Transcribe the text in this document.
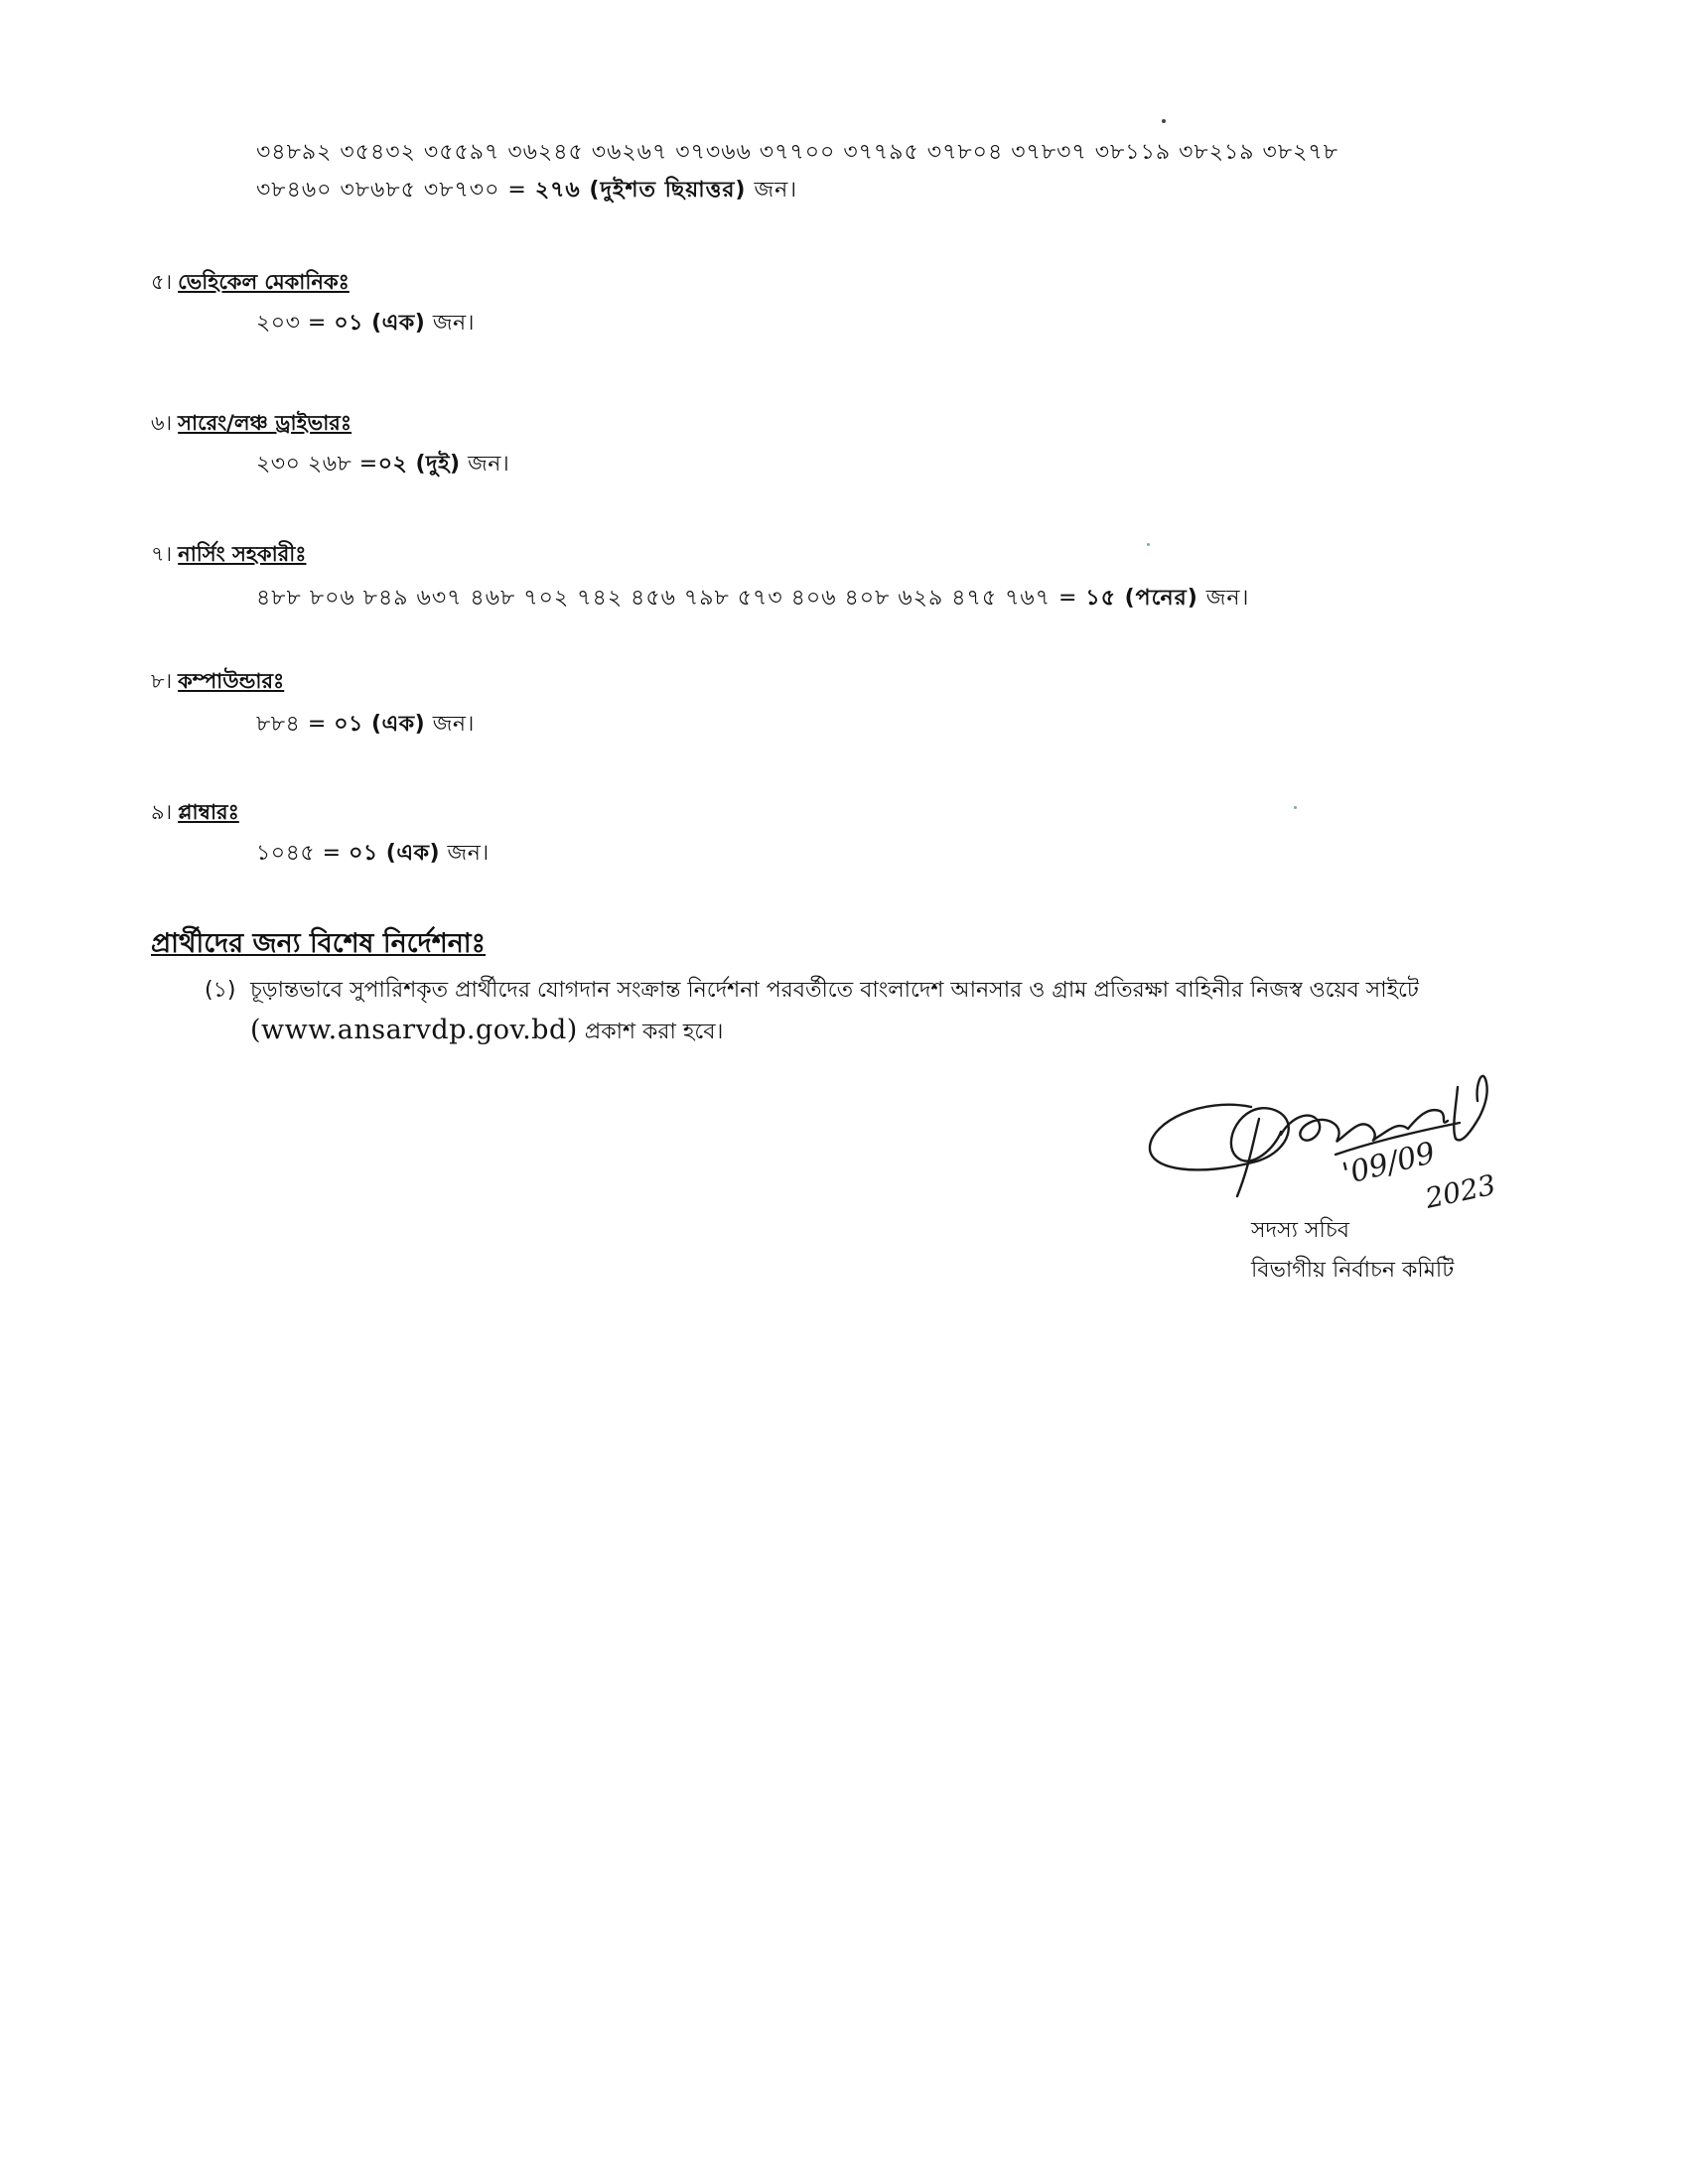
৩৪৮৯২ ৩৫৪৩২ ৩৫৫৯৭ ৩৬২৪৫ ৩৬২৬৭ ৩৭৩৬৬ ৩৭৭০০ ৩৭৭৯৫ ৩৭৮০৪ ৩৭৮৩৭ ৩৮১১৯ ৩৮২১৯ ৩৮২৭৮
৩৮৪৬০ ৩৮৬৮৫ ৩৮৭৩০ = ২৭৬ (দুইশত ছিয়াত্তর) জন।
৫। ভেহিকেল মেকানিকঃ
২০৩ = ০১ (এক) জন।
৬। সারেং/লঞ্চ ড্রাইভারঃ
২৩০ ২৬৮ =০২ (দুই) জন।
৭। নার্সিং সহকারীঃ
৪৮৮ ৮০৬ ৮৪৯ ৬৩৭ ৪৬৮ ৭০২ ৭৪২ ৪৫৬ ৭৯৮ ৫৭৩ ৪০৬ ৪০৮ ৬২৯ ৪৭৫ ৭৬৭ = ১৫ (পনের) জন।
৮। কম্পাউন্ডারঃ
৮৮৪ = ০১ (এক) জন।
৯। প্লাম্বারঃ
১০৪৫ = ০১ (এক) জন।
প্রার্থীদের জন্য বিশেষ নির্দেশনাঃ
(১) চূড়ান্তভাবে সুপারিশকৃত প্রার্থীদের যোগদান সংক্রান্ত নির্দেশনা পরবর্তীতে বাংলাদেশ আনসার ও গ্রাম প্রতিরক্ষা বাহিনীর নিজস্ব ওয়েব সাইটে (www.ansarvdp.gov.bd) প্রকাশ করা হবে।
'09/09
2023
সদস্য সচিব
বিভাগীয় নির্বাচন কমিটি
